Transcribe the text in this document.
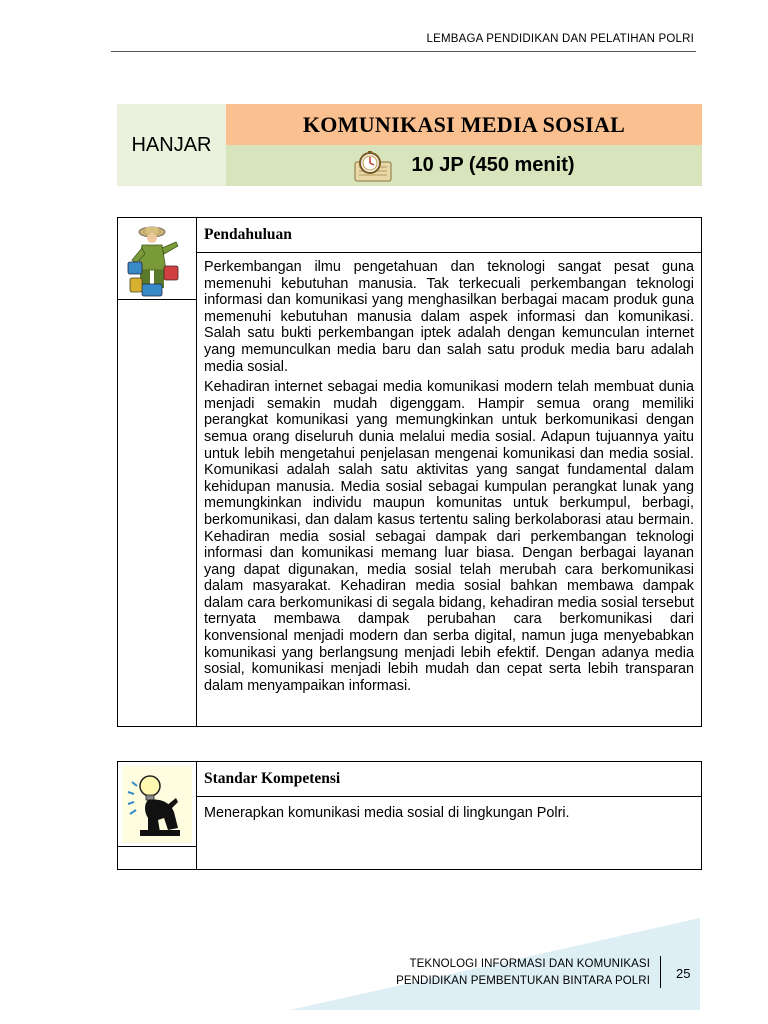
LEMBAGA PENDIDIKAN DAN PELATIHAN POLRI
HANJAR
KOMUNIKASI MEDIA SOSIAL
10 JP (450 menit)
Pendahuluan

Perkembangan ilmu pengetahuan dan teknologi sangat pesat guna memenuhi kebutuhan manusia. Tak terkecuali perkembangan teknologi informasi dan komunikasi yang menghasilkan berbagai macam produk guna memenuhi kebutuhan manusia dalam aspek informasi dan komunikasi. Salah satu bukti perkembangan iptek adalah dengan kemunculan internet yang memunculkan media baru dan salah satu produk media baru adalah media sosial.

Kehadiran internet sebagai media komunikasi modern telah membuat dunia menjadi semakin mudah digenggam. Hampir semua orang memiliki perangkat komunikasi yang memungkinkan untuk berkomunikasi dengan semua orang diseluruh dunia melalui media sosial. Adapun tujuannya yaitu untuk lebih mengetahui penjelasan mengenai komunikasi dan media sosial. Komunikasi adalah salah satu aktivitas yang sangat fundamental dalam kehidupan manusia. Media sosial sebagai kumpulan perangkat lunak yang memungkinkan individu maupun komunitas untuk berkumpul, berbagi, berkomunikasi, dan dalam kasus tertentu saling berkolaborasi atau bermain. Kehadiran media sosial sebagai dampak dari perkembangan teknologi informasi dan komunikasi memang luar biasa. Dengan berbagai layanan yang dapat digunakan, media sosial telah merubah cara berkomunikasi dalam masyarakat. Kehadiran media sosial bahkan membawa dampak dalam cara berkomunikasi di segala bidang, kehadiran media sosial tersebut ternyata membawa dampak perubahan cara berkomunikasi dari konvensional menjadi modern dan serba digital, namun juga menyebabkan komunikasi yang berlangsung menjadi lebih efektif. Dengan adanya media sosial, komunikasi menjadi lebih mudah dan cepat serta lebih transparan dalam menyampaikan informasi.

Standar Kompetensi

Menerapkan komunikasi media sosial di lingkungan Polri.

TEKNOLOGI INFORMASI DAN KOMUNIKASI
PENDIDIKAN PEMBENTUKAN BINTARA POLRI 25
